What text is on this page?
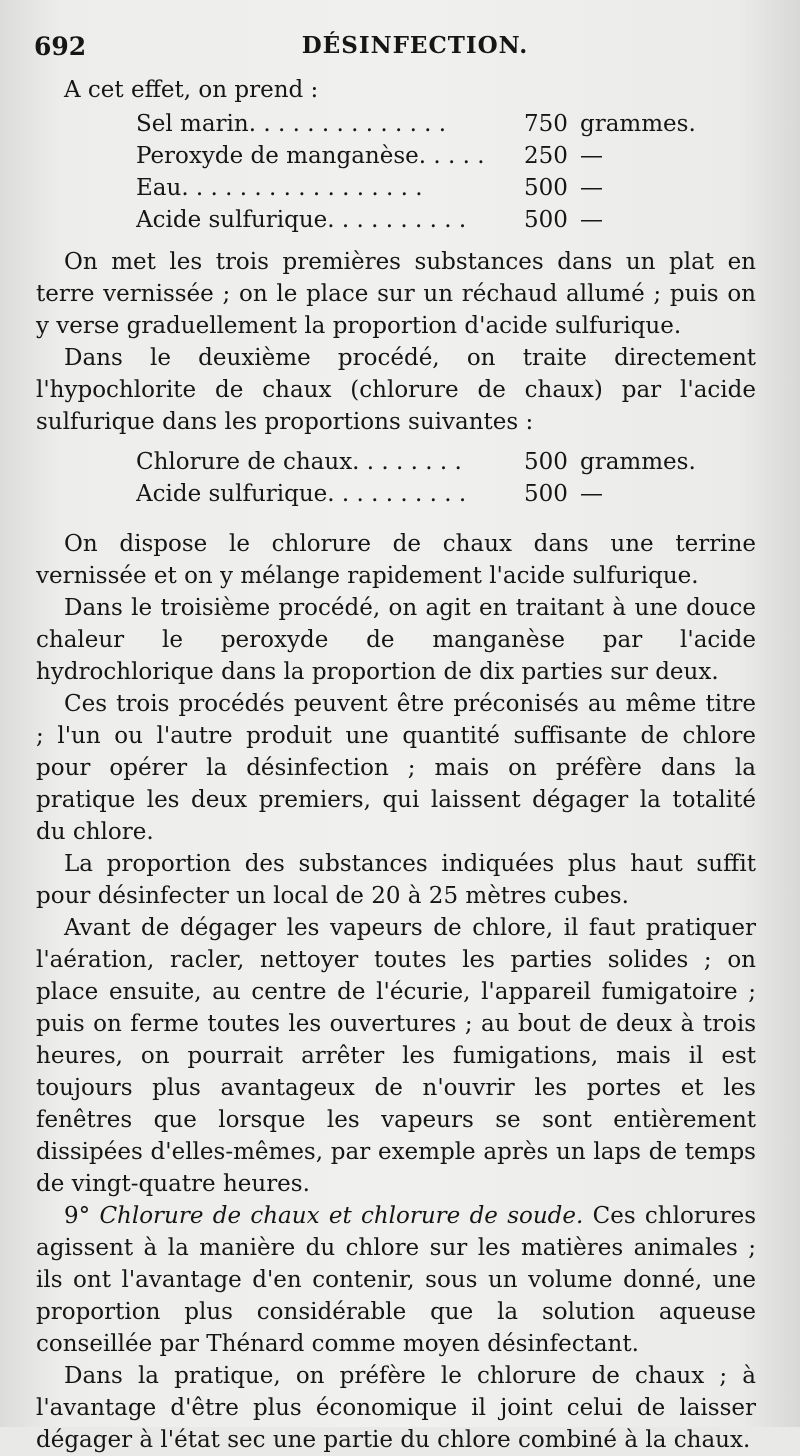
692	DÉSINFECTION.

A cet effet, on prend :

Sel marin. . . . . . . . . . . . . .	750	grammes.
Peroxyde de manganèse. . . . .	250	—
Eau. . . . . . . . . . . . . . . . .	500	—
Acide sulfurique. . . . . . . . . .	500	—

On met les trois premières substances dans un plat en terre vernissée ; on le place sur un réchaud allumé ; puis on y verse graduellement la proportion d'acide sulfurique.

Dans le deuxième procédé, on traite directement l'hypochlorite de chaux (chlorure de chaux) par l'acide sulfurique dans les proportions suivantes :

Chlorure de chaux. . . . . . . .	500	grammes.
Acide sulfurique. . . . . . . . . .	500	—

On dispose le chlorure de chaux dans une terrine vernissée et on y mélange rapidement l'acide sulfurique.

Dans le troisième procédé, on agit en traitant à une douce chaleur le peroxyde de manganèse par l'acide hydrochlorique dans la proportion de dix parties sur deux.

Ces trois procédés peuvent être préconisés au même titre ; l'un ou l'autre produit une quantité suffisante de chlore pour opérer la désinfection ; mais on préfère dans la pratique les deux premiers, qui laissent dégager la totalité du chlore.

La proportion des substances indiquées plus haut suffit pour désinfecter un local de 20 à 25 mètres cubes.

Avant de dégager les vapeurs de chlore, il faut pratiquer l'aération, racler, nettoyer toutes les parties solides ; on place ensuite, au centre de l'écurie, l'appareil fumigatoire ; puis on ferme toutes les ouvertures ; au bout de deux à trois heures, on pourrait arrêter les fumigations, mais il est toujours plus avantageux de n'ouvrir les portes et les fenêtres que lorsque les vapeurs se sont entièrement dissipées d'elles-mêmes, par exemple après un laps de temps de vingt-quatre heures.

9° Chlorure de chaux et chlorure de soude. Ces chlorures agissent à la manière du chlore sur les matières animales ; ils ont l'avantage d'en contenir, sous un volume donné, une proportion plus considérable que la solution aqueuse conseillée par Thénard comme moyen désinfectant.

Dans la pratique, on préfère le chlorure de chaux ; à l'avantage d'être plus économique il joint celui de laisser dégager à l'état sec une partie du chlore combiné à la chaux.
